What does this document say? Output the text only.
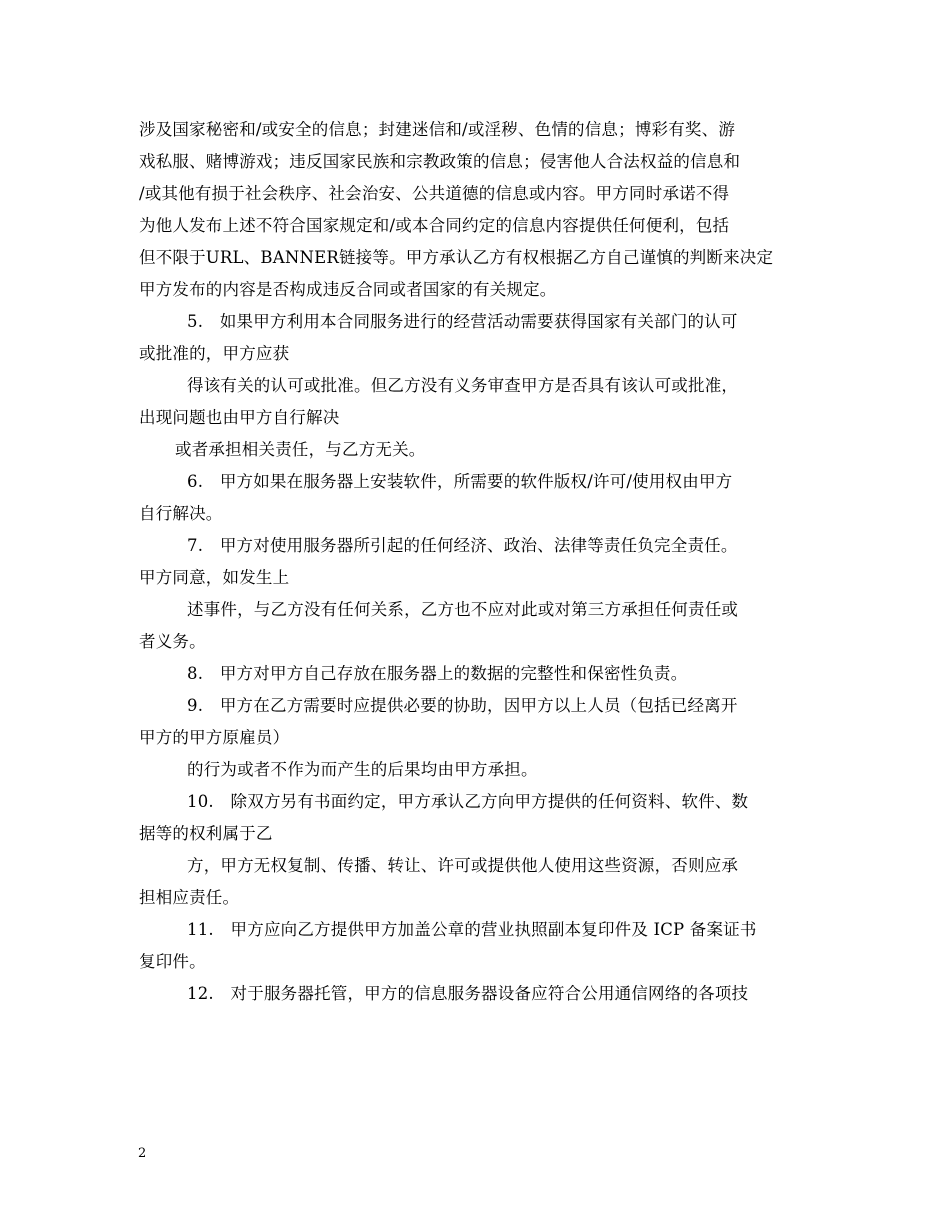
涉及国家秘密和/或安全的信息；封建迷信和/或淫秽、色情的信息；博彩有奖、游
戏私服、赌博游戏；违反国家民族和宗教政策的信息；侵害他人合法权益的信息和
/或其他有损于社会秩序、社会治安、公共道德的信息或内容。甲方同时承诺不得
为他人发布上述不符合国家规定和/或本合同约定的信息内容提供任何便利，包括
但不限于URL、BANNER链接等。甲方承认乙方有权根据乙方自己谨慎的判断来决定
甲方发布的内容是否构成违反合同或者国家的有关规定。
5.　如果甲方利用本合同服务进行的经营活动需要获得国家有关部门的认可
或批准的，甲方应获
得该有关的认可或批准。但乙方没有义务审查甲方是否具有该认可或批准，
出现问题也由甲方自行解决
或者承担相关责任，与乙方无关。
6.　甲方如果在服务器上安装软件，所需要的软件版权/许可/使用权由甲方
自行解决。
7.　甲方对使用服务器所引起的任何经济、政治、法律等责任负完全责任。
甲方同意，如发生上
述事件，与乙方没有任何关系，乙方也不应对此或对第三方承担任何责任或
者义务。
8.　甲方对甲方自己存放在服务器上的数据的完整性和保密性负责。
9.　甲方在乙方需要时应提供必要的协助，因甲方以上人员（包括已经离开
甲方的甲方原雇员）
的行为或者不作为而产生的后果均由甲方承担。
10.　除双方另有书面约定，甲方承认乙方向甲方提供的任何资料、软件、数
据等的权利属于乙
方，甲方无权复制、传播、转让、许可或提供他人使用这些资源，否则应承
担相应责任。
11.　甲方应向乙方提供甲方加盖公章的营业执照副本复印件及 ICP 备案证书
复印件。
12.　对于服务器托管，甲方的信息服务器设备应符合公用通信网络的各项技
2
